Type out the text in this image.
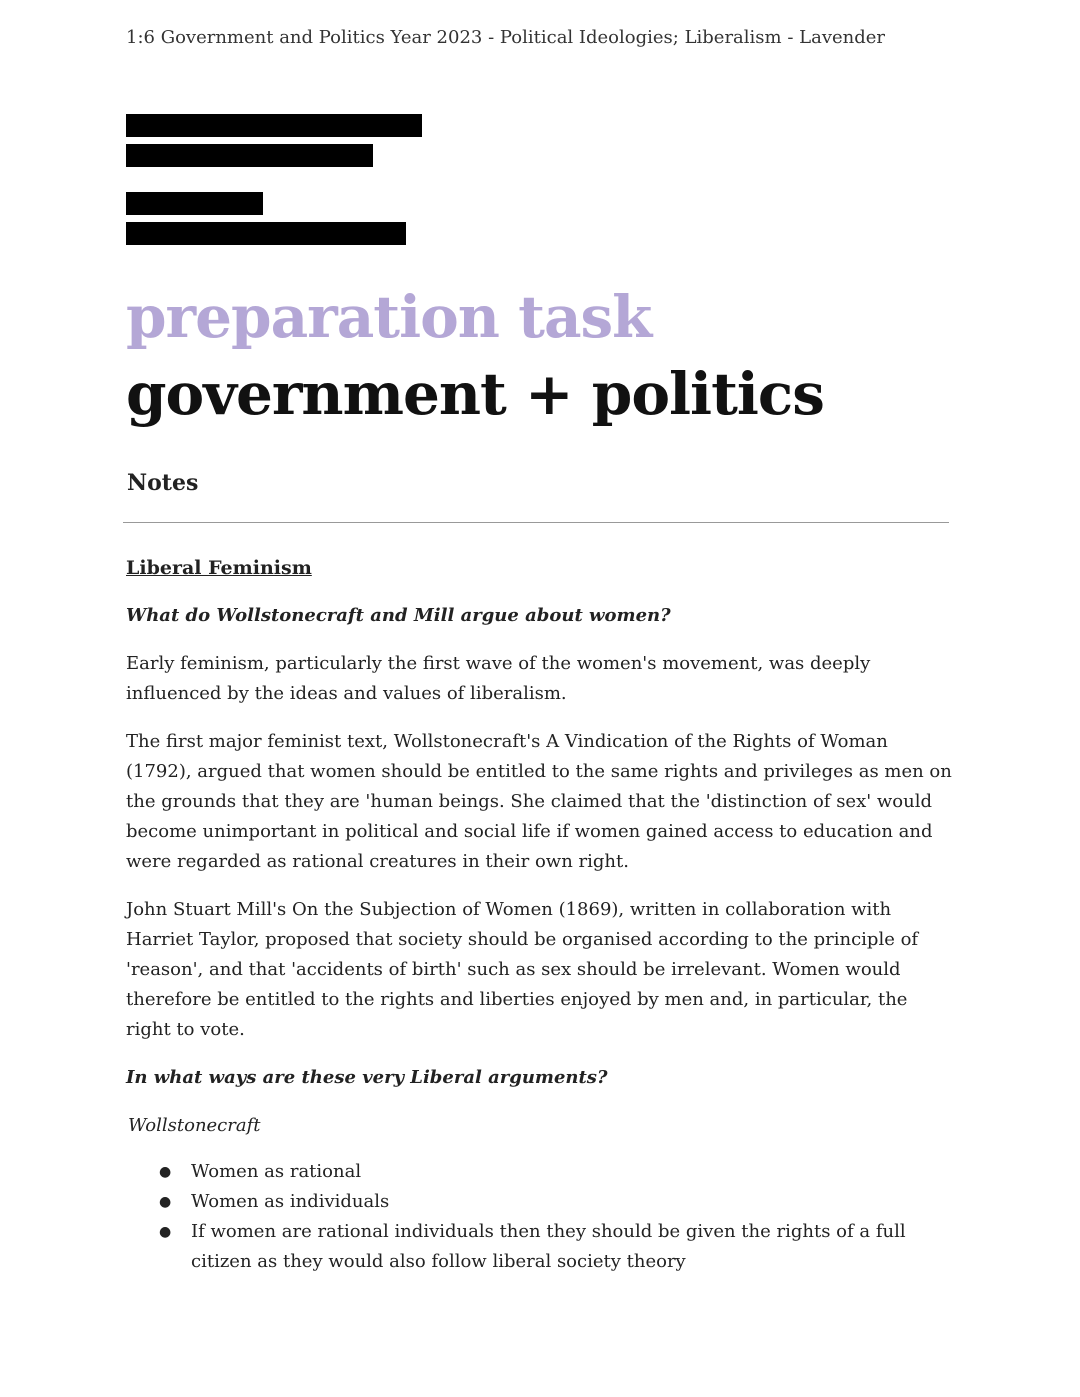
1:6 Government and Politics Year 2023 - Political Ideologies; Liberalism - Lavender
preparation task
government + politics
Notes
Liberal Feminism
What do Wollstonecraft and Mill argue about women?
Early feminism, particularly the first wave of the women's movement, was deeply influenced by the ideas and values of liberalism.
The first major feminist text, Wollstonecraft's A Vindication of the Rights of Woman (1792), argued that women should be entitled to the same rights and privileges as men on the grounds that they are 'human beings. She claimed that the 'distinction of sex' would become unimportant in political and social life if women gained access to education and were regarded as rational creatures in their own right.
John Stuart Mill's On the Subjection of Women (1869), written in collaboration with Harriet Taylor, proposed that society should be organised according to the principle of 'reason', and that 'accidents of birth' such as sex should be irrelevant. Women would therefore be entitled to the rights and liberties enjoyed by men and, in particular, the right to vote.
In what ways are these very Liberal arguments?
Wollstonecraft
● Women as rational
● Women as individuals
● If women are rational individuals then they should be given the rights of a full citizen as they would also follow liberal society theory
